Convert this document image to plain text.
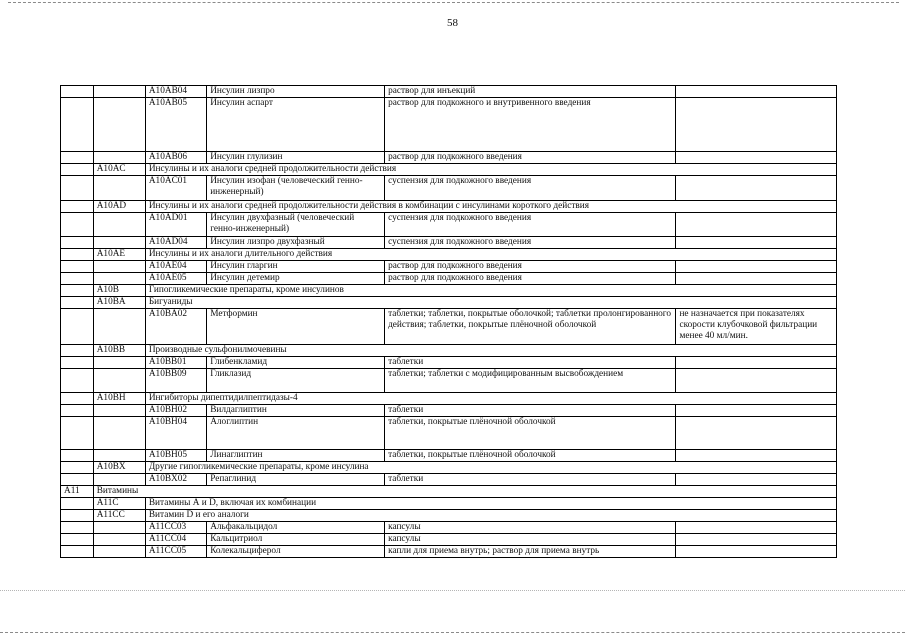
58
		A10AB04	Инсулин лизпро	раствор для инъекций	
		A10AB05	Инсулин аспарт	раствор для подкожного и внутривенного введения	
		A10AB06	Инсулин глулизин	раствор для подкожного введения	
	A10AC	Инсулины и их аналоги средней продолжительности действия			
		A10AC01	Инсулин изофан (человеческий генно-инженерный)	суспензия для подкожного введения	
	A10AD	Инсулины и их аналоги средней продолжительности действия в комбинации с инсулинами короткого действия			
		A10AD01	Инсулин двухфазный (человеческий генно-инженерный)	суспензия для подкожного введения	
		A10AD04	Инсулин лизпро двухфазный	суспензия для подкожного введения	
	A10AE	Инсулины и их аналоги длительного действия			
		A10AE04	Инсулин гларгин	раствор для подкожного введения	
		A10AE05	Инсулин детемир	раствор для подкожного введения	
	A10B	Гипогликемические препараты, кроме инсулинов			
	A10BA	Бигуаниды			
		A10BA02	Метформин	таблетки; таблетки, покрытые оболочкой; таблетки пролонгированного действия; таблетки, покрытые плёночной оболочкой	не назначается при показателях скорости клубочковой фильтрации менее 40 мл/мин.
	A10BB	Производные сульфонилмочевины			
		A10BB01	Глибенкламид	таблетки	
		A10BB09	Гликлазид	таблетки; таблетки с модифицированным высвобождением	
	A10BH	Ингибиторы дипептидилпептидазы-4			
		A10BH02	Вилдаглиптин	таблетки	
		A10BH04	Алоглиптин	таблетки, покрытые плёночной оболочкой	
		A10BH05	Линаглиптин	таблетки, покрытые плёночной оболочкой	
	A10BX	Другие гипогликемические препараты, кроме инсулина			
		A10BX02	Репаглинид	таблетки	
A11	Витамины				
	A11C	Витамины А и D, включая их комбинации			
	A11CC	Витамин D и его аналоги			
		A11CC03	Альфакальцидол	капсулы	
		A11CC04	Кальцитриол	капсулы	
		A11CC05	Колекальциферол	капли для приема внутрь; раствор для приема внутрь	
